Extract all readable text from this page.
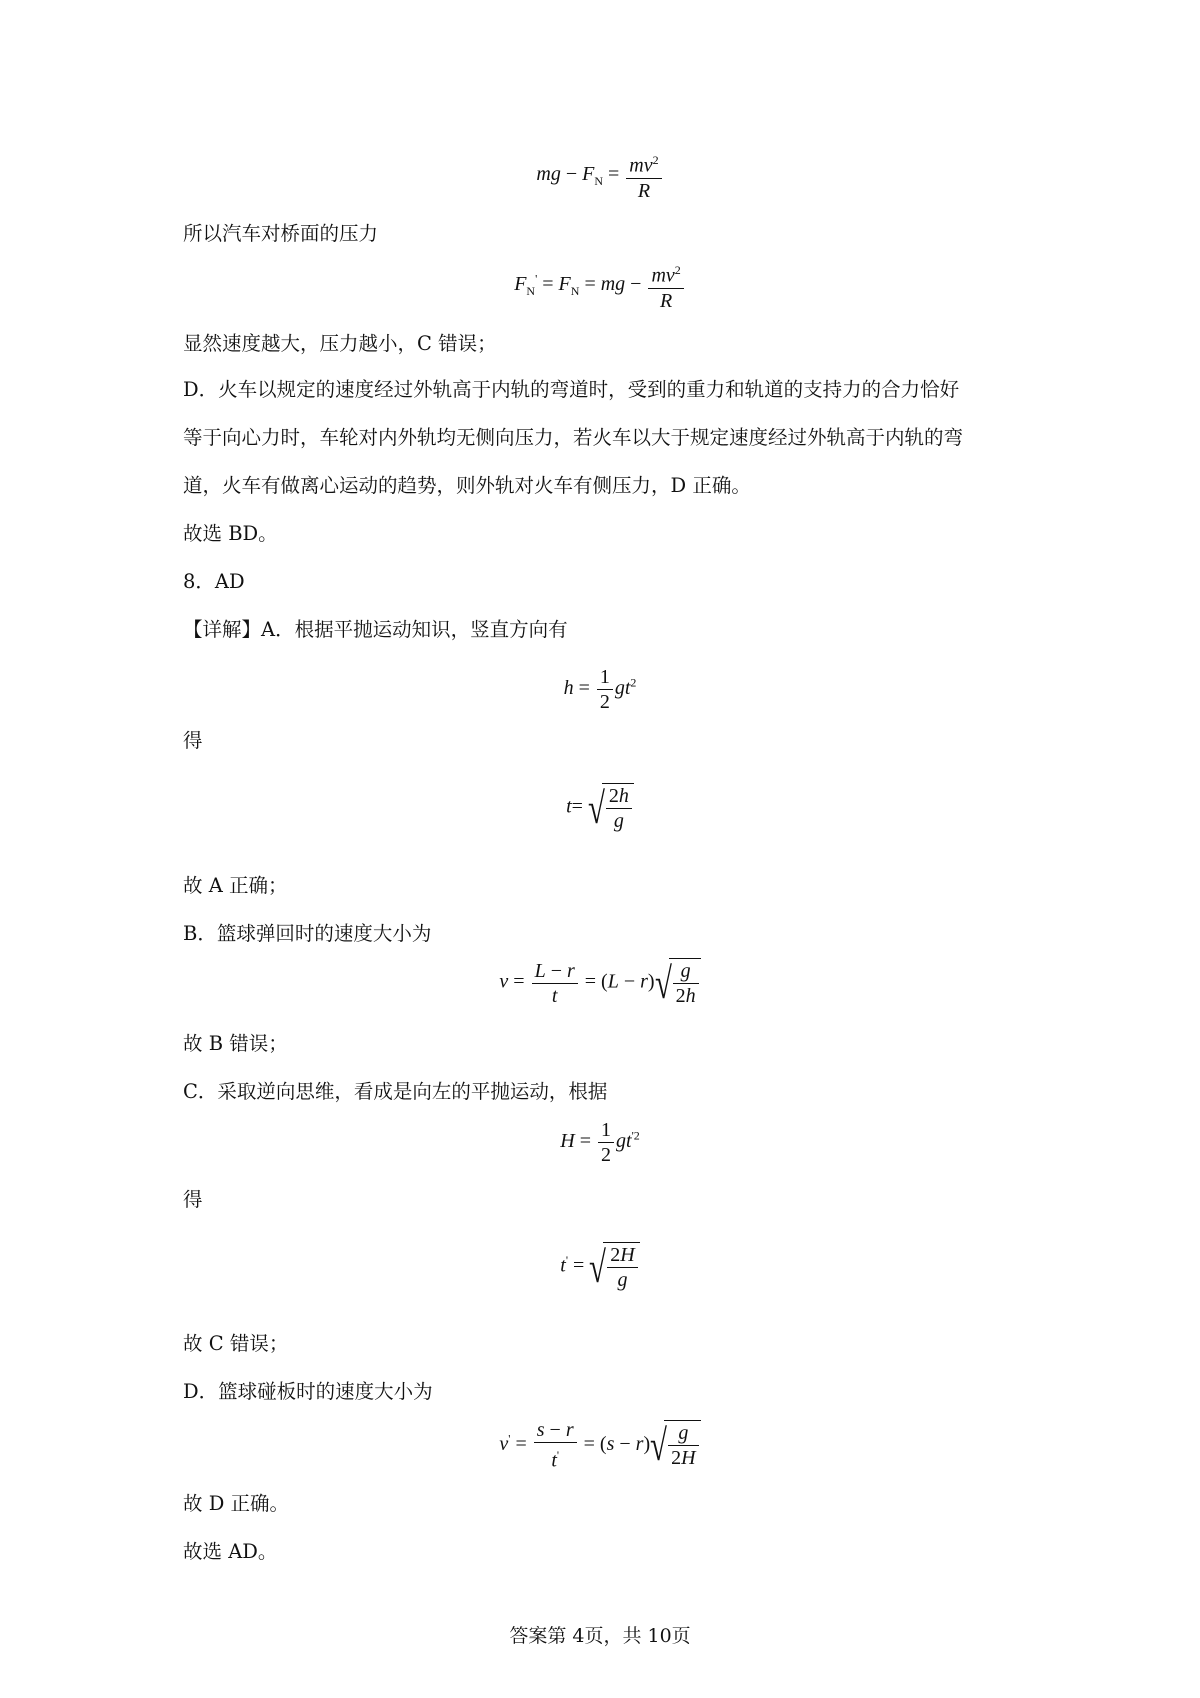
mg − $F_N = \frac{mv^2}{R}$
所以汽车对桥面的压力
$F_N' = F_N$ = mg − $\frac{mv^2}{R}$
显然速度越大，压力越小，C 错误；
D．火车以规定的速度经过外轨高于内轨的弯道时，受到的重力和轨道的支持力的合力恰好
等于向心力时，车轮对内外轨均无侧向压力，若火车以大于规定速度经过外轨高于内轨的弯
道，火车有做离心运动的趋势，则外轨对火车有侧压力，D 正确。
故选 BD。
8．AD
【详解】A．根据平抛运动知识，竖直方向有
$h = \frac{1}{2} gt^2$
得
t= √ $\frac{2h}{g}$
故 A 正确；
B．篮球弹回时的速度大小为
$v = \frac{L - r}{t} = (L - r)$ √ $\frac{g}{2h}$
故 B 错误；
C．采取逆向思维，看成是向左的平抛运动，根据
$H = \frac{1}{2} gt^{'2}$
得
t' = √ $\frac{2H}{g}$
故 C 错误；
D．篮球碰板时的速度大小为
$v' = \frac{s - r}{t'} = (s - r)$ √ $\frac{g}{2H}$
故 D 正确。
故选 AD。
答案第 4页，共 10页
